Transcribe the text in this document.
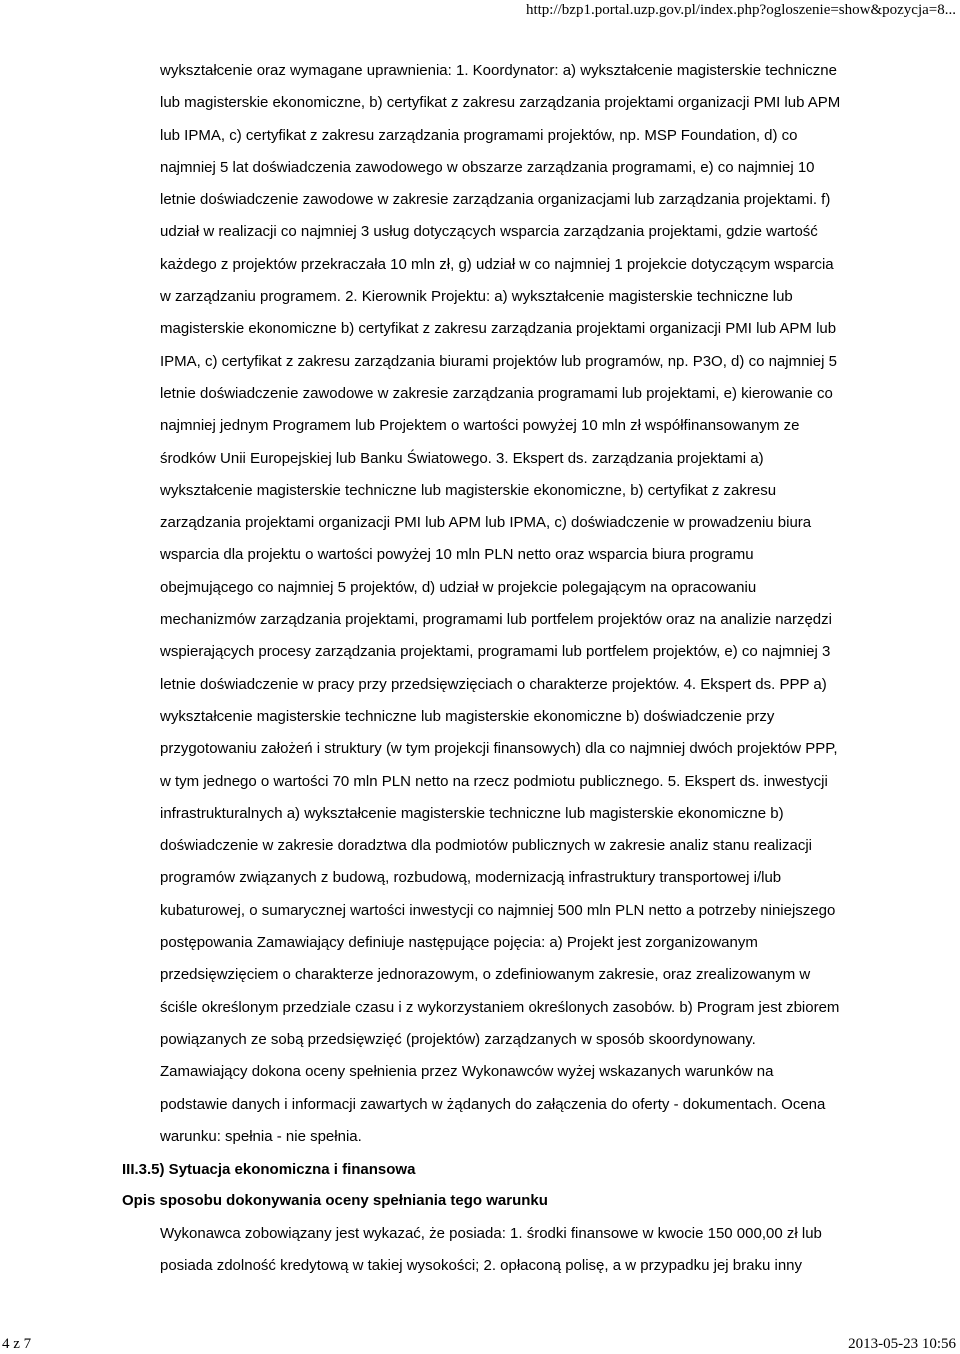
http://bzp1.portal.uzp.gov.pl/index.php?ogloszenie=show&pozycja=8...

wykształcenie oraz wymagane uprawnienia: 1. Koordynator: a) wykształcenie magisterskie techniczne
lub magisterskie ekonomiczne, b) certyfikat z zakresu zarządzania projektami organizacji PMI lub APM
lub IPMA, c) certyfikat z zakresu zarządzania programami projektów, np. MSP Foundation, d) co
najmniej 5 lat doświadczenia zawodowego w obszarze zarządzania programami, e) co najmniej 10
letnie doświadczenie zawodowe w zakresie zarządzania organizacjami lub zarządzania projektami. f)
udział w realizacji co najmniej 3 usług dotyczących wsparcia zarządzania projektami, gdzie wartość
każdego z projektów przekraczała 10 mln zł, g) udział w co najmniej 1 projekcie dotyczącym wsparcia
w zarządzaniu programem. 2. Kierownik Projektu: a) wykształcenie magisterskie techniczne lub
magisterskie ekonomiczne b) certyfikat z zakresu zarządzania projektami organizacji PMI lub APM lub
IPMA, c) certyfikat z zakresu zarządzania biurami projektów lub programów, np. P3O, d) co najmniej 5
letnie doświadczenie zawodowe w zakresie zarządzania programami lub projektami, e) kierowanie co
najmniej jednym Programem lub Projektem o wartości powyżej 10 mln zł współfinansowanym ze
środków Unii Europejskiej lub Banku Światowego. 3. Ekspert ds. zarządzania projektami a)
wykształcenie magisterskie techniczne lub magisterskie ekonomiczne, b) certyfikat z zakresu
zarządzania projektami organizacji PMI lub APM lub IPMA, c) doświadczenie w prowadzeniu biura
wsparcia dla projektu o wartości powyżej 10 mln PLN netto oraz wsparcia biura programu
obejmującego co najmniej 5 projektów, d) udział w projekcie polegającym na opracowaniu
mechanizmów zarządzania projektami, programami lub portfelem projektów oraz na analizie narzędzi
wspierających procesy zarządzania projektami, programami lub portfelem projektów, e) co najmniej 3
letnie doświadczenie w pracy przy przedsięwzięciach o charakterze projektów. 4. Ekspert ds. PPP a)
wykształcenie magisterskie techniczne lub magisterskie ekonomiczne b) doświadczenie przy
przygotowaniu założeń i struktury (w tym projekcji finansowych) dla co najmniej dwóch projektów PPP,
w tym jednego o wartości 70 mln PLN netto na rzecz podmiotu publicznego. 5. Ekspert ds. inwestycji
infrastrukturalnych a) wykształcenie magisterskie techniczne lub magisterskie ekonomiczne b)
doświadczenie w zakresie doradztwa dla podmiotów publicznych w zakresie analiz stanu realizacji
programów związanych z budową, rozbudową, modernizacją infrastruktury transportowej i/lub
kubaturowej, o sumarycznej wartości inwestycji co najmniej 500 mln PLN netto a potrzeby niniejszego
postępowania Zamawiający definiuje następujące pojęcia: a) Projekt jest zorganizowanym
przedsięwzięciem o charakterze jednorazowym, o zdefiniowanym zakresie, oraz zrealizowanym w
ściśle określonym przedziale czasu i z wykorzystaniem określonych zasobów. b) Program jest zbiorem
powiązanych ze sobą przedsięwzięć (projektów) zarządzanych w sposób skoordynowany.
Zamawiający dokona oceny spełnienia przez Wykonawców wyżej wskazanych warunków na
podstawie danych i informacji zawartych w żądanych do załączenia do oferty - dokumentach. Ocena
warunku: spełnia - nie spełnia.

III.3.5) Sytuacja ekonomiczna i finansowa
Opis sposobu dokonywania oceny spełniania tego warunku

Wykonawca zobowiązany jest wykazać, że posiada: 1. środki finansowe w kwocie 150 000,00 zł lub
posiada zdolność kredytową w takiej wysokości; 2. opłaconą polisę, a w przypadku jej braku inny

4 z 7	2013-05-23 10:56
